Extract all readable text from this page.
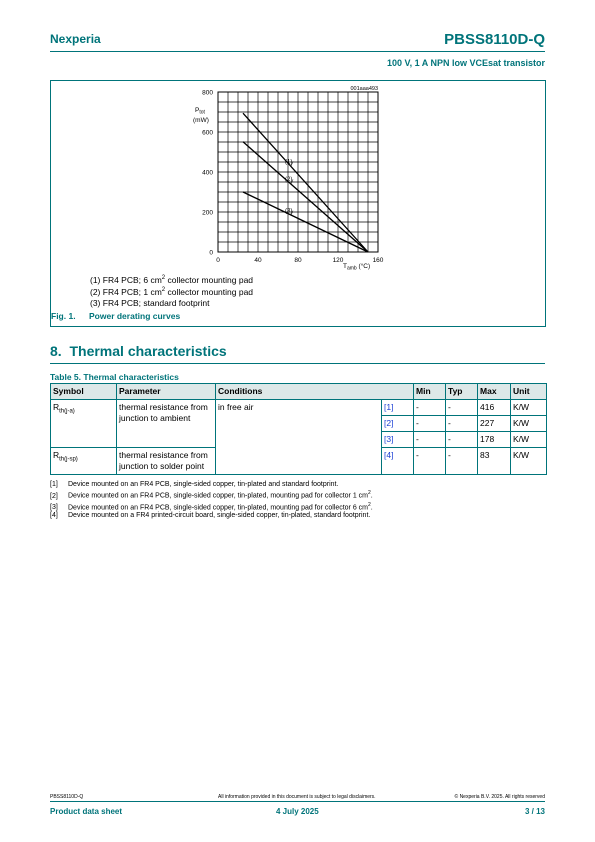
Nexperia	PBSS8110D-Q
100 V, 1 A NPN low VCEsat transistor
0	40	80	120	160
0
200
400
600
800
$P_{tot}$
(mW)
$T_{amb}$ (°C)
001aaa493
(1)
(2)
(3)
(1) FR4 PCB; 6 $cm^2$ collector mounting pad
(2) FR4 PCB; 1 $cm^2$ collector mounting pad
(3) FR4 PCB; standard footprint
Fig. 1. Power derating curves
8. Thermal characteristics
Table 5. Thermal characteristics
Symbol	Parameter	Conditions		Min	Typ	Max	Unit
$R_{th(j-a)}$	thermal resistance from junction to ambient	in free air	[1]	-	-	416	K/W
			[2]	-	-	227	K/W
			[3]	-	-	178	K/W
$R_{th(j-sp)}$	thermal resistance from junction to solder point		[4]	-	-	83	K/W
[1] Device mounted on an FR4 PCB, single-sided copper, tin-plated and standard footprint.
[2] Device mounted on an FR4 PCB, single-sided copper, tin-plated, mounting pad for collector 1 $cm^2$.
[3] Device mounted on an FR4 PCB, single-sided copper, tin-plated, mounting pad for collector 6 $cm^2$.
[4] Device mounted on a FR4 printed-circuit board, single-sided copper, tin-plated, standard footprint.
PBSS8110D-Q	All information provided in this document is subject to legal disclaimers.	© Nexperia B.V. 2025. All rights reserved
Product data sheet	4 July 2025	3 / 13
